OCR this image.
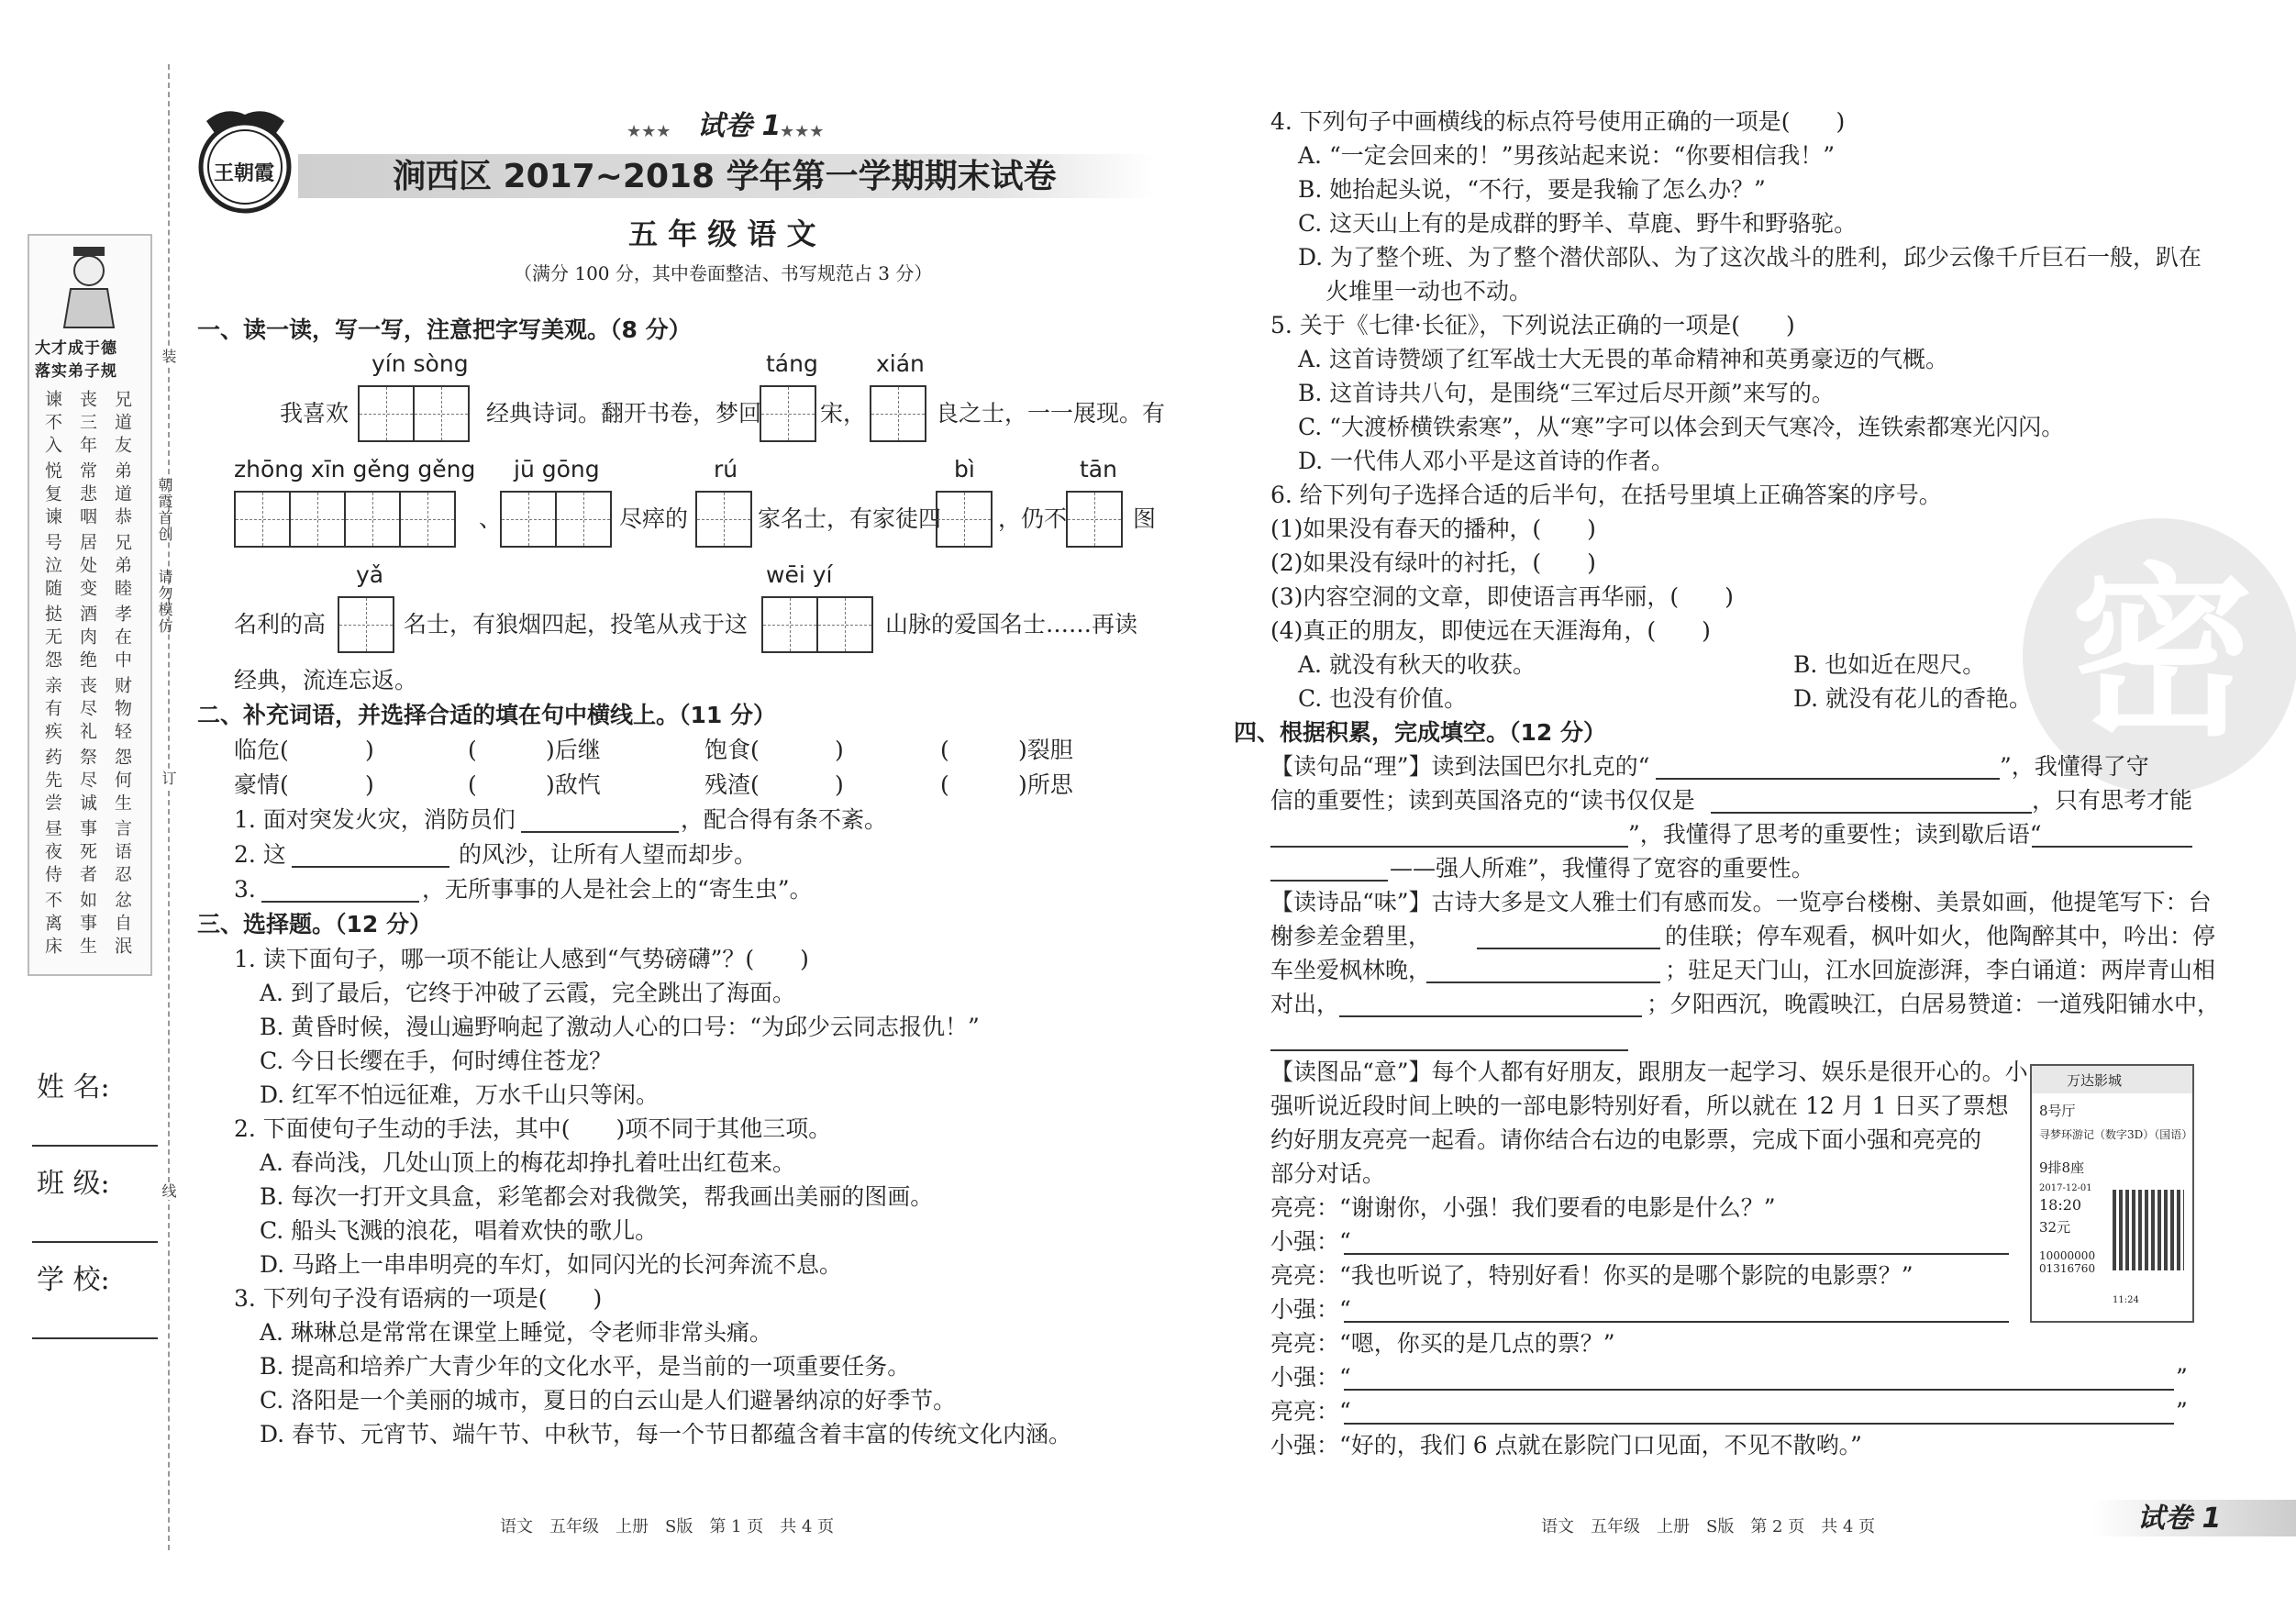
装
订
线
朝霞首创
请勿模仿
大才成于德
落实弟子规
兄道友
丧三年
谏不入
弟道恭
常悲咽
悦复谏
兄弟睦
居处变
号泣随
孝在中
酒肉绝
挞无怨
财物轻
丧尽礼
亲有疾
怨何生
祭尽诚
药先尝
言语忍
事死者
昼夜侍
忿自泯
如事生
不离床
姓 名:
班 级:
学 校:
王朝霞
★★★ 试卷 1
★★★
涧西区 2017~2018 学年第一学期期末试卷
五 年 级 语 文
（满分 100 分，其中卷面整洁、书写规范占 3 分）
一、读一读，写一写，注意把字写美观。（8 分）
yín sòng	táng	xián
我喜欢	经典诗词。翻开书卷，梦回	宋，	良之士，一一展现。有
zhōng xīn gěng gěng jū gōng	rú	bì	tān
、	尽瘁的	家名士，有家徒四 ，仍不	图
yǎ	wēi yí
名利的高	名士，有狼烟四起，投笔从戎于这	山脉的爱国名士……再读
经典，流连忘返。
二、补充词语，并选择合适的填在句中横线上。（11 分）
临危(	)	(	)后继	饱食(	)	(	)裂胆
豪情(	)	(	)敌忾	残渣(	)	(	)所思
1. 面对突发火灾，消防员们	，配合得有条不紊。
2. 这	的风沙，让所有人望而却步。
3.	，无所事事的人是社会上的“寄生虫”。
三、选择题。（12 分）
1. 读下面句子，哪一项不能让人感到“气势磅礴”？(　　)
A. 到了最后，它终于冲破了云霞，完全跳出了海面。
B. 黄昏时候，漫山遍野响起了激动人心的口号：“为邱少云同志报仇！”
C. 今日长缨在手，何时缚住苍龙？
D. 红军不怕远征难，万水千山只等闲。
2. 下面使句子生动的手法，其中(　　)项不同于其他三项。
A. 春尚浅，几处山顶上的梅花却挣扎着吐出红苞来。
B. 每次一打开文具盒，彩笔都会对我微笑，帮我画出美丽的图画。
C. 船头飞溅的浪花，唱着欢快的歌儿。
D. 马路上一串串明亮的车灯，如同闪光的长河奔流不息。
3. 下列句子没有语病的一项是(　　)
A. 琳琳总是常常在课堂上睡觉，令老师非常头痛。
B. 提高和培养广大青少年的文化水平，是当前的一项重要任务。
C. 洛阳是一个美丽的城市，夏日的白云山是人们避暑纳凉的好季节。
D. 春节、元宵节、端午节、中秋节，每一个节日都蕴含着丰富的传统文化内涵。
语文　五年级　上册　S版　第 1 页　共 4 页
密
4. 下列句子中画横线的标点符号使用正确的一项是(　　)
A. “一定会回来的！”男孩站起来说：“你要相信我！”
B. 她抬起头说，“不行，要是我输了怎么办？”
C. 这天山上有的是成群的野羊、草鹿、野牛和野骆驼。
D. 为了整个班、为了整个潜伏部队、为了这次战斗的胜利，邱少云像千斤巨石一般，趴在
火堆里一动也不动。
5. 关于《七律·长征》，下列说法正确的一项是(　　)
A. 这首诗赞颂了红军战士大无畏的革命精神和英勇豪迈的气概。
B. 这首诗共八句，是围绕“三军过后尽开颜”来写的。
C. “大渡桥横铁索寒”，从“寒”字可以体会到天气寒冷，连铁索都寒光闪闪。
D. 一代伟人邓小平是这首诗的作者。
6. 给下列句子选择合适的后半句，在括号里填上正确答案的序号。
(1)如果没有春天的播种，(　　)
(2)如果没有绿叶的衬托，(　　)
(3)内容空洞的文章，即使语言再华丽，(　　)
(4)真正的朋友，即使远在天涯海角，(　　)
A. 就没有秋天的收获。	B. 也如近在咫尺。
C. 也没有价值。	D. 就没有花儿的香艳。
四、根据积累，完成填空。（12 分）
【读句品“理”】读到法国巴尔扎克的“	”，我懂得了守
信的重要性；读到英国洛克的“读书仅仅是	，只有思考才能
”，我懂得了思考的重要性；读到歇后语“
——强人所难”，我懂得了宽容的重要性。
【读诗品“味”】古诗大多是文人雅士们有感而发。一览亭台楼榭、美景如画，他提笔写下：台
榭参差金碧里，	的佳联；停车观看，枫叶如火，他陶醉其中，吟出：停
车坐爱枫林晚，	；驻足天门山，江水回旋澎湃，李白诵道：两岸青山相
对出，	；夕阳西沉，晚霞映江，白居易赞道：一道残阳铺水中，
【读图品“意”】每个人都有好朋友，跟朋友一起学习、娱乐是很开心的。小
强听说近段时间上映的一部电影特别好看，所以就在 12 月 1 日买了票想
约好朋友亮亮一起看。请你结合右边的电影票，完成下面小强和亮亮的
部分对话。
亮亮：“谢谢你，小强！我们要看的电影是什么？”
小强：“
亮亮：“我也听说了，特别好看！你买的是哪个影院的电影票？”
小强：“
亮亮：“嗯，你买的是几点的票？”
小强：“	”
亮亮：“	”
小强：“好的，我们 6 点就在影院门口见面，不见不散哟。”
万达影城
8号厅
寻梦环游记（数字3D）（国语）
9排8座
2017-12-01
18:20
32元
10000000 01316760
11:24
语文　五年级　上册　S版　第 2 页　共 4 页	试卷 1
